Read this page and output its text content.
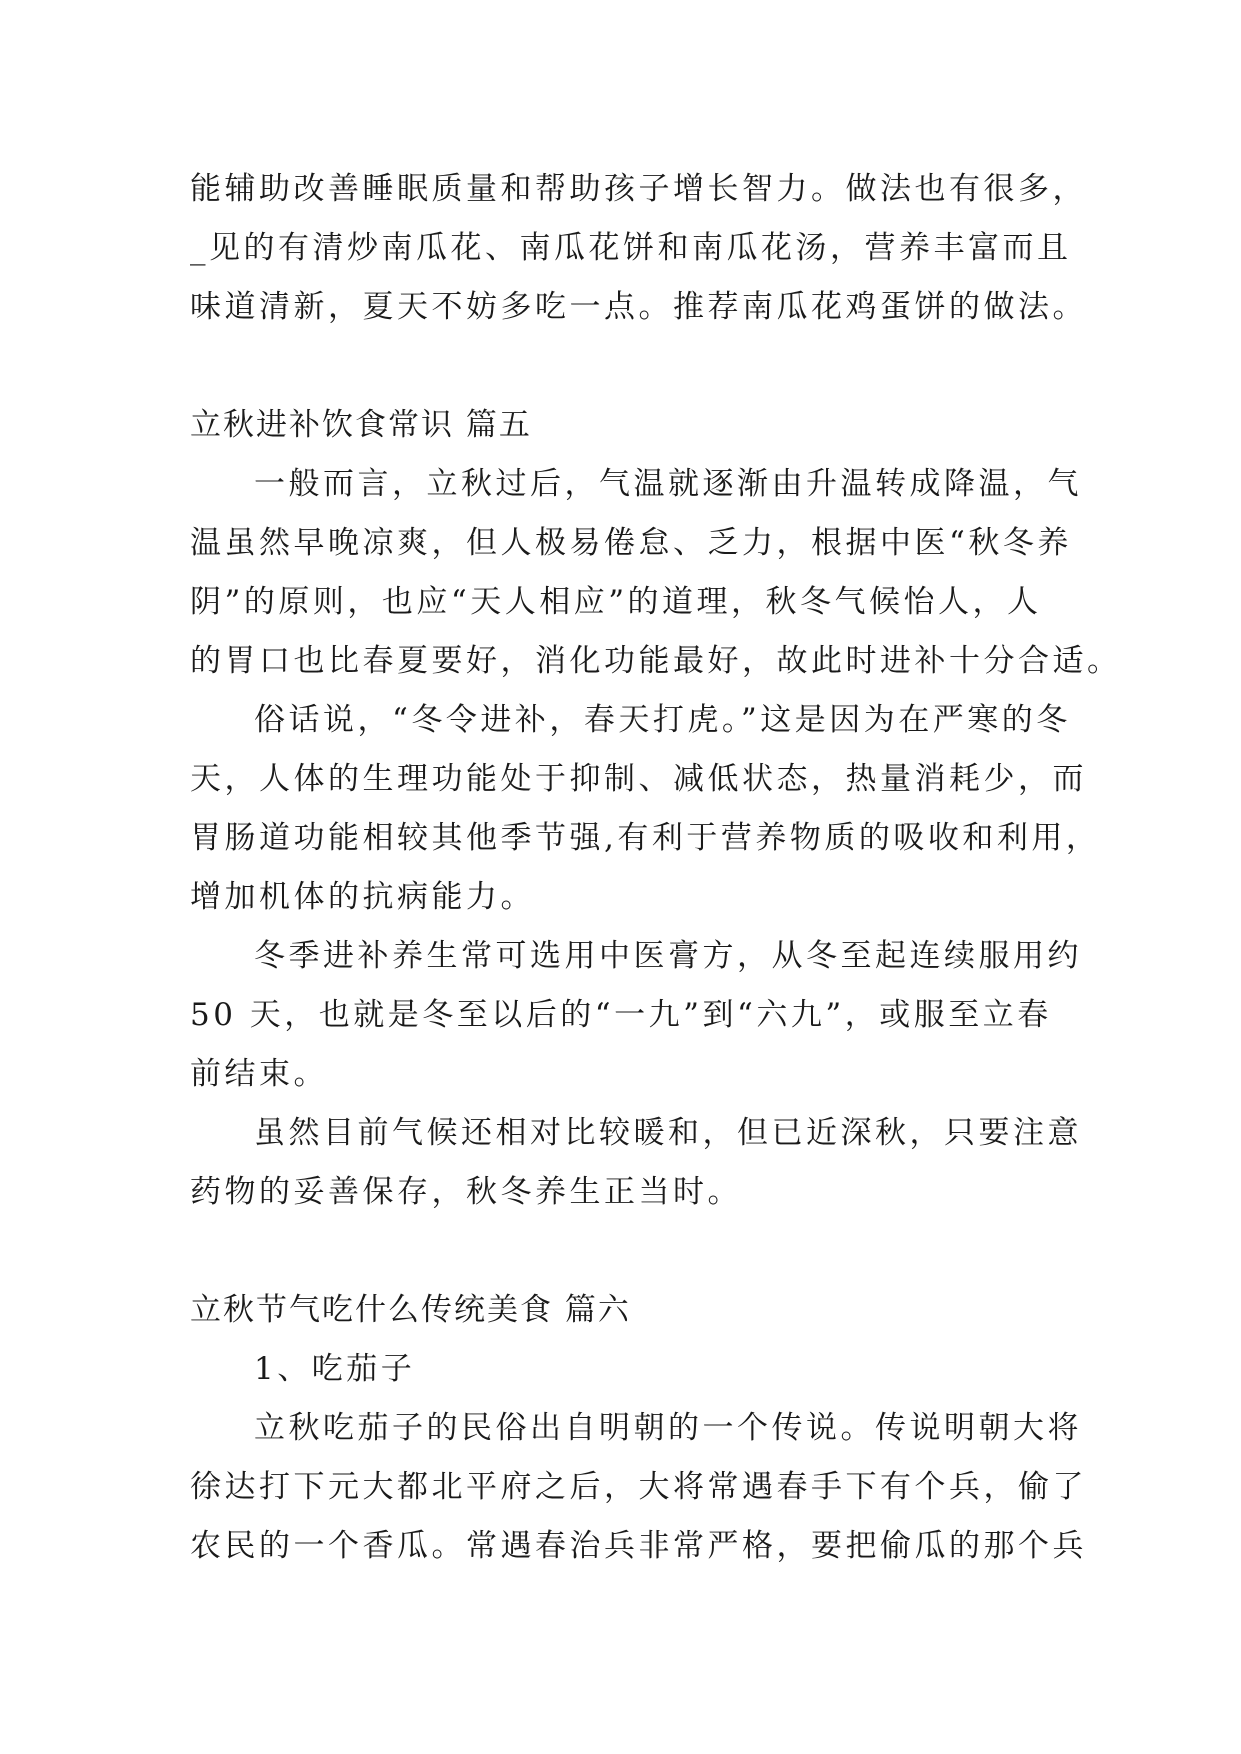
能辅助改善睡眠质量和帮助孩子增长智力。做法也有很多，
_见的有清炒南瓜花、南瓜花饼和南瓜花汤，营养丰富而且
味道清新，夏天不妨多吃一点。推荐南瓜花鸡蛋饼的做法。
立秋进补饮食常识 篇五
一般而言，立秋过后，气温就逐渐由升温转成降温，气
温虽然早晚凉爽，但人极易倦怠、乏力，根据中医“秋冬养
阴”的原则，也应“天人相应”的道理，秋冬气候怡人，人
的胃口也比春夏要好，消化功能最好，故此时进补十分合适。
俗话说，“冬令进补，春天打虎。”这是因为在严寒的冬
天，人体的生理功能处于抑制、减低状态，热量消耗少，而
胃肠道功能相较其他季节强,有利于营养物质的吸收和利用，
增加机体的抗病能力。
冬季进补养生常可选用中医膏方，从冬至起连续服用约
50 天，也就是冬至以后的“一九”到“六九”，或服至立春
前结束。
虽然目前气候还相对比较暖和，但已近深秋，只要注意
药物的妥善保存，秋冬养生正当时。
立秋节气吃什么传统美食 篇六
1、吃茄子
立秋吃茄子的民俗出自明朝的一个传说。传说明朝大将
徐达打下元大都北平府之后，大将常遇春手下有个兵，偷了
农民的一个香瓜。常遇春治兵非常严格，要把偷瓜的那个兵
